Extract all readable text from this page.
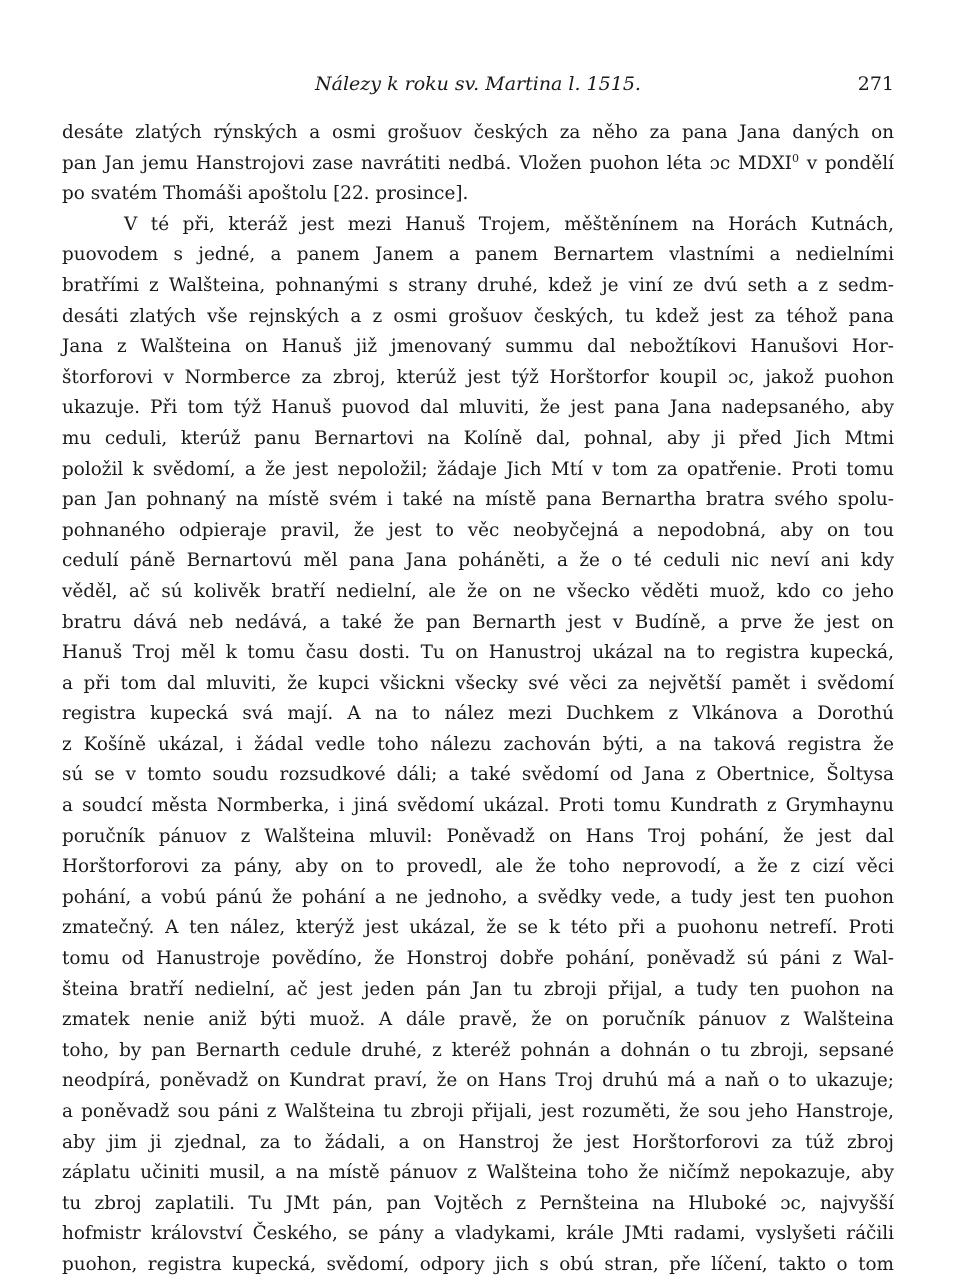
Nálezy k roku sv. Martina l. 1515.	271

desáte zlatých rýnských a osmi grošuov českých za něho za pana Jana daných on
pan Jan jemu Hanstrojovi zase navrátiti nedbá. Vložen puohon léta ɔc MDXI$^0$ v pondělí
po svatém Thomáši apoštolu [22. prosince].

V té při, kteráž jest mezi Hanuš Trojem, měštěnínem na Horách Kutnách,
puovodem s jedné, a panem Janem a panem Bernartem vlastními a nedielními
bratřími z Walšteina, pohnanými s strany druhé, kdež je viní ze dvú seth a z sedm-
desáti zlatých vše rejnských a z osmi grošuov českých, tu kdež jest za téhož pana
Jana z Walšteina on Hanuš již jmenovaný summu dal nebožtíkovi Hanušovi Hor-
štorforovi v Normberce za zbroj, kterúž jest týž Horštorfor koupil ɔc, jakož puohon
ukazuje. Při tom týž Hanuš puovod dal mluviti, že jest pana Jana nadepsaného, aby
mu ceduli, kterúž panu Bernartovi na Kolíně dal, pohnal, aby ji před Jich Mtmi
položil k svědomí, a že jest nepoložil; žádaje Jich Mtí v tom za opatřenie. Proti tomu
pan Jan pohnaný na místě svém i také na místě pana Bernartha bratra svého spolu-
pohnaného odpieraje pravil, že jest to věc neobyčejná a nepodobná, aby on tou
cedulí páně Bernartovú měl pana Jana poháněti, a že o té ceduli nic neví ani kdy
věděl, ač sú kolivěk bratří nedielní, ale že on ne všecko věděti muož, kdo co jeho
bratru dává neb nedává, a také že pan Bernarth jest v Budíně, a prve že jest on
Hanuš Troj měl k tomu času dosti. Tu on Hanustroj ukázal na to registra kupecká,
a při tom dal mluviti, že kupci všickni všecky své věci za největší pamět i svědomí
registra kupecká svá mají. A na to nález mezi Duchkem z Vlkánova a Dorothú
z Košíně ukázal, i žádal vedle toho nálezu zachován býti, a na taková registra že
sú se v tomto soudu rozsudkové dáli; a také svědomí od Jana z Obertnice, Šoltysa
a soudcí města Normberka, i jiná svědomí ukázal. Proti tomu Kundrath z Grymhaynu
poručník pánuov z Walšteina mluvil: Poněvadž on Hans Troj pohání, že jest dal
Horštorforovi za pány, aby on to provedl, ale že toho neprovodí, a že z cizí věci
pohání, a vobú pánú že pohání a ne jednoho, a svědky vede, a tudy jest ten puohon
zmatečný. A ten nález, kterýž jest ukázal, že se k této při a puohonu netrefí. Proti
tomu od Hanustroje povědíno, že Honstroj dobře pohání, poněvadž sú páni z Wal-
šteina bratří nedielní, ač jest jeden pán Jan tu zbroji přijal, a tudy ten puohon na
zmatek nenie aniž býti muož. A dále pravě, že on poručník pánuov z Walšteina
toho, by pan Bernarth cedule druhé, z kteréž pohnán a dohnán o tu zbroji, sepsané
neodpírá, poněvadž on Kundrat praví, že on Hans Troj druhú má a naň o to ukazuje;
a poněvadž sou páni z Walšteina tu zbroji přijali, jest rozuměti, že sou jeho Hanstroje,
aby jim ji zjednal, za to žádali, a on Hanstroj že jest Horštorforovi za túž zbroj
záplatu učiniti musil, a na místě pánuov z Walšteina toho že ničímž nepokazuje, aby
tu zbroj zaplatili. Tu JMt pán, pan Vojtěch z Pernšteina na Hluboké ɔc, najvyšší
hofmistr království Českého, se pány a vladykami, krále JMti radami, vyslyšeti ráčili
puohon, registra kupecká, svědomí, odpory jich s obú stran, pře líčení, takto o tom
